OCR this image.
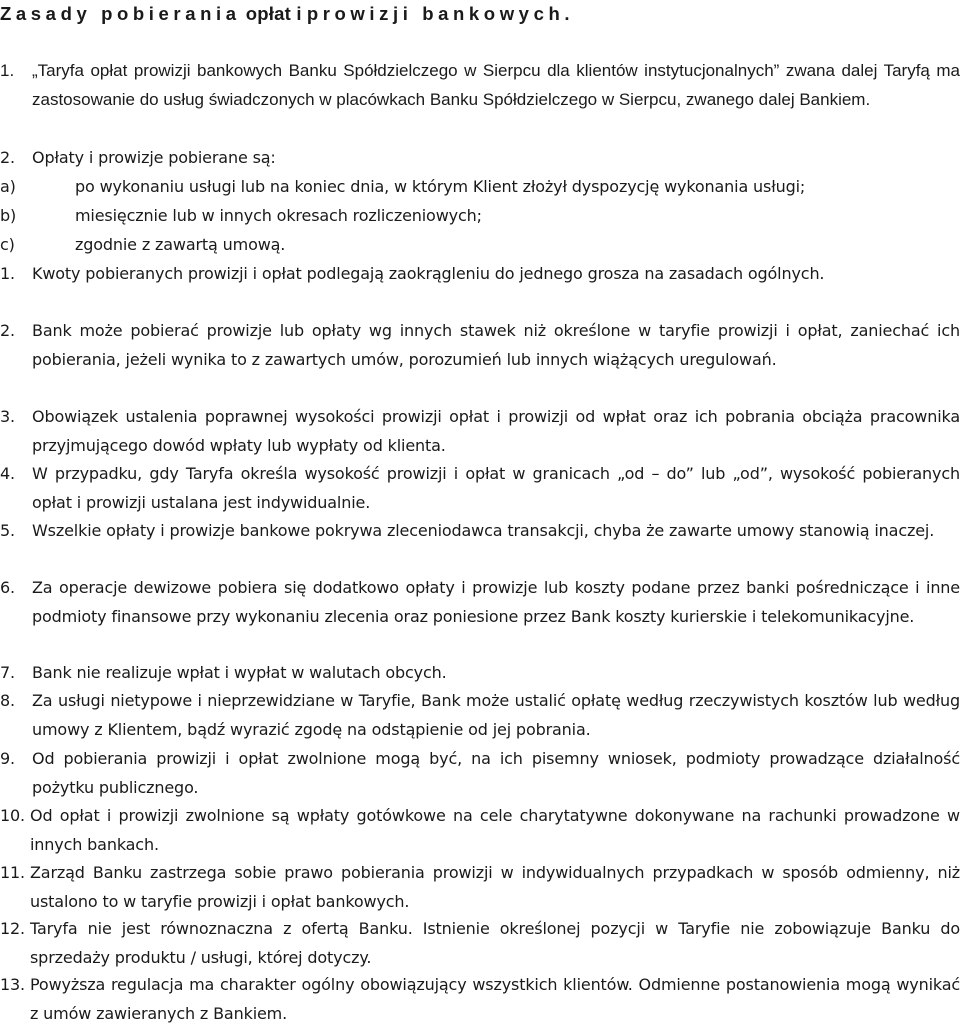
Zasady pobierania opłat i prowizji bankowych.
1. „Taryfa opłat prowizji bankowych Banku Spółdzielczego w Sierpcu dla klientów instytucjonalnych” zwana dalej Taryfą ma zastosowanie do usług świadczonych w placówkach Banku Spółdzielczego w Sierpcu, zwanego dalej Bankiem.
2. Opłaty i prowizje pobierane są:
a)	po wykonaniu usługi lub na koniec dnia, w którym Klient złożył dyspozycję wykonania usługi;
b)	miesięcznie lub w innych okresach rozliczeniowych;
c)	zgodnie z zawartą umową.
1. Kwoty pobieranych prowizji i opłat podlegają zaokrągleniu do jednego grosza na zasadach ogólnych.
2. Bank może pobierać prowizje lub opłaty wg innych stawek niż określone w taryfie prowizji i opłat, zaniechać ich pobierania, jeżeli wynika to z zawartych umów, porozumień lub innych wiążących uregulowań.
3. Obowiązek ustalenia poprawnej wysokości prowizji opłat i prowizji od wpłat oraz ich pobrania obciąża pracownika przyjmującego dowód wpłaty lub wypłaty od klienta.
4. W przypadku, gdy Taryfa określa wysokość prowizji i opłat w granicach „od – do” lub „od”, wysokość pobieranych opłat i prowizji ustalana jest indywidualnie.
5. Wszelkie opłaty i prowizje bankowe pokrywa zleceniodawca transakcji, chyba że zawarte umowy stanowią inaczej.
6. Za operacje dewizowe pobiera się dodatkowo opłaty i prowizje lub koszty podane przez banki pośredniczące i inne podmioty finansowe przy wykonaniu zlecenia oraz poniesione przez Bank koszty kurierskie i telekomunikacyjne.
7. Bank nie realizuje wpłat i wypłat w walutach obcych.
8. Za usługi nietypowe i nieprzewidziane w Taryfie, Bank może ustalić opłatę według rzeczywistych kosztów lub według umowy z Klientem, bądź wyrazić zgodę na odstąpienie od jej pobrania.
9. Od pobierania prowizji i opłat zwolnione mogą być, na ich pisemny wniosek, podmioty prowadzące działalność pożytku publicznego.
10. Od opłat i prowizji zwolnione są wpłaty gotówkowe na cele charytatywne dokonywane na rachunki prowadzone w innych bankach.
11. Zarząd Banku zastrzega sobie prawo pobierania prowizji w indywidualnych przypadkach w sposób odmienny, niż ustalono to w taryfie prowizji i opłat bankowych.
12. Taryfa nie jest równoznaczna z ofertą Banku. Istnienie określonej pozycji w Taryfie nie zobowiązuje Banku do sprzedaży produktu / usługi, której dotyczy.
13. Powyższa regulacja ma charakter ogólny obowiązujący wszystkich klientów. Odmienne postanowienia mogą wynikać z umów zawieranych z Bankiem.
